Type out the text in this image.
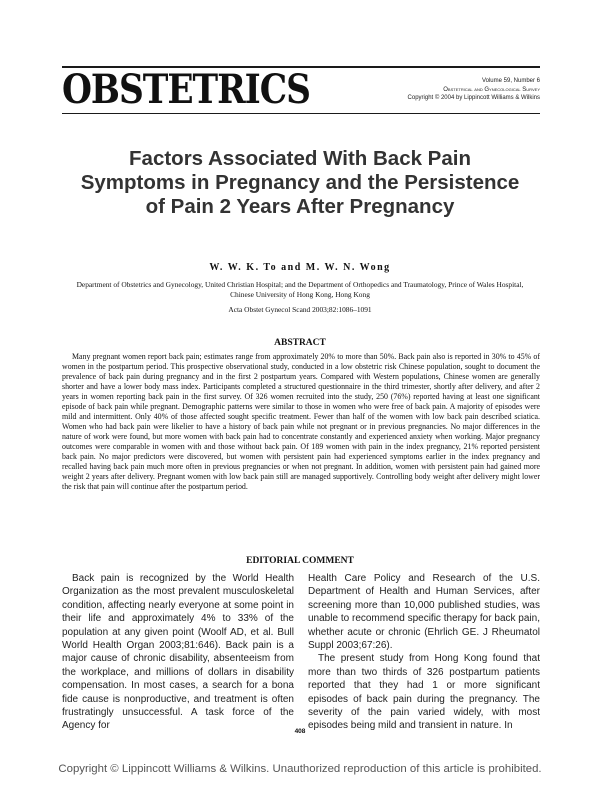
OBSTETRICS	Volume 59, Number 6
Obstetrical and Gynecological Survey
Copyright © 2004 by Lippincott Williams & Wilkins
Factors Associated With Back Pain Symptoms in Pregnancy and the Persistence of Pain 2 Years After Pregnancy

W. W. K. To and M. W. N. Wong

Department of Obstetrics and Gynecology, United Christian Hospital; and the Department of Orthopedics and Traumatology, Prince of Wales Hospital, Chinese University of Hong Kong, Hong Kong

Acta Obstet Gynecol Scand 2003;82:1086–1091

ABSTRACT

Many pregnant women report back pain; estimates range from approximately 20% to more than 50%. Back pain also is reported in 30% to 45% of women in the postpartum period. This prospective observational study, conducted in a low obstetric risk Chinese population, sought to document the prevalence of back pain during pregnancy and in the first 2 postpartum years. Compared with Western populations, Chinese women are generally shorter and have a lower body mass index. Participants completed a structured questionnaire in the third trimester, shortly after delivery, and after 2 years in women reporting back pain in the first survey. Of 326 women recruited into the study, 250 (76%) reported having at least one significant episode of back pain while pregnant. Demographic patterns were similar to those in women who were free of back pain. A majority of episodes were mild and intermittent. Only 40% of those affected sought specific treatment. Fewer than half of the women with low back pain described sciatica. Women who had back pain were likelier to have a history of back pain while not pregnant or in previous pregnancies. No major differences in the nature of work were found, but more women with back pain had to concentrate constantly and experienced anxiety when working. Major pregnancy outcomes were comparable in women with and those without back pain. Of 189 women with pain in the index pregnancy, 21% reported persistent back pain. No major predictors were discovered, but women with persistent pain had experienced symptoms earlier in the index pregnancy and recalled having back pain much more often in previous pregnancies or when not pregnant. In addition, women with persistent pain had gained more weight 2 years after delivery. Pregnant women with low back pain still are managed supportively. Controlling body weight after delivery might lower the risk that pain will continue after the postpartum period.

EDITORIAL COMMENT
Back pain is recognized by the World Health Organization as the most prevalent musculoskeletal condition, affecting nearly everyone at some point in their life and approximately 4% to 33% of the population at any given point (Woolf AD, et al. Bull World Health Organ 2003;81:646). Back pain is a major cause of chronic disability, absenteeism from the workplace, and millions of dollars in disability compensation. In most cases, a search for a bona fide cause is nonproductive, and treatment is often frustratingly unsuccessful. A task force of the Agency for
Health Care Policy and Research of the U.S. Department of Health and Human Services, after screening more than 10,000 published studies, was unable to recommend specific therapy for back pain, whether acute or chronic (Ehrlich GE. J Rheumatol Suppl 2003;67:26).
The present study from Hong Kong found that more than two thirds of 326 postpartum patients reported that they had 1 or more significant episodes of back pain during the pregnancy. The severity of the pain varied widely, with most episodes being mild and transient in nature. In

408

Copyright © Lippincott Williams & Wilkins. Unauthorized reproduction of this article is prohibited.
